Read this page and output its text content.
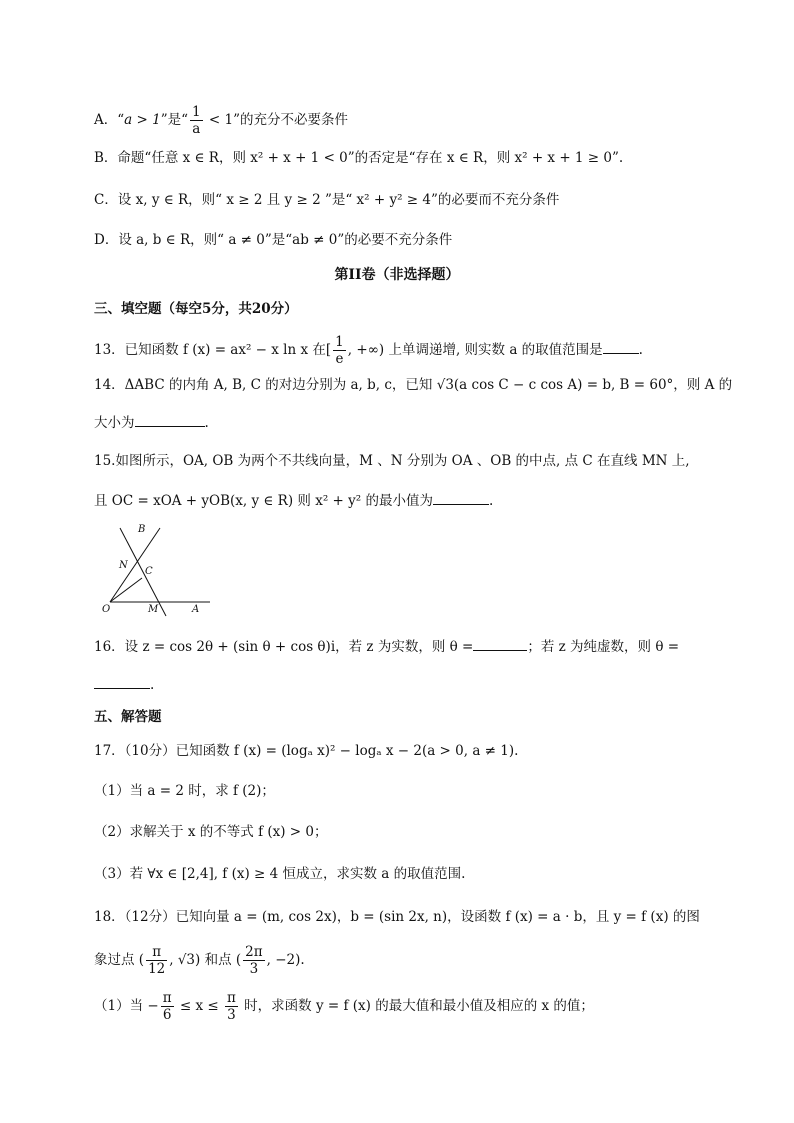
A．“a > 1”是“ $\frac{1}{a} < 1$”的充分不必要条件
B．命题“任意 x ∈ R，则 x² + x + 1 < 0”的否定是“存在 x ∈ R，则 x² + x + 1 ≥ 0”.
C．设 x, y ∈ R，则“ x ≥ 2 且 y ≥ 2 ”是“ x² + y² ≥ 4”的必要而不充分条件
D．设 a, b ∈ R，则“ a ≠ 0”是“ab ≠ 0”的必要不充分条件
第II卷（非选择题）
三、填空题（每空5分，共20分）
13．已知函数 f (x) = ax² − x ln x 在[ $\frac{1}{e}$ , +∞) 上单调递增, 则实数 a 的取值范围是	.
14．ΔABC 的内角 A, B, C 的对边分别为 a, b, c，已知 √3(a cos C − c cos A) = b, B = 60°，则 A 的
大小为	.
15.如图所示，OA, OB 为两个不共线向量，M 、N 分别为 OA 、OB 的中点, 点 C 在直线 MN 上,
且 OC = xOA + yOB(x, y ∈ R) 则 x² + y² 的最小值为	.
B
N
C
O	M	A
16．设 z = cos 2θ + (sin θ + cos θ)i，若 z 为实数，则 θ =	；若 z 为纯虚数，则 θ =
.
五、解答题
17．（10分）已知函数 f (x) = (logₐ x)² − logₐ x − 2(a > 0, a ≠ 1).
（1）当 a = 2 时，求 f (2)；
（2）求解关于 x 的不等式 f (x) > 0；
（3）若 ∀x ∈ [2,4], f (x) ≥ 4 恒成立，求实数 a 的取值范围.
18．（12分）已知向量 a = (m, cos 2x)，b = (sin 2x, n)，设函数 f (x) = a · b，且 y = f (x) 的图
象过点 ( $\frac{\pi}{12}$ , √3) 和点 ( $\frac{2\pi}{3}$ , −2).
（1）当 − $\frac{\pi}{6} \le x \le \frac{\pi}{3}$ 时，求函数 y = f (x) 的最大值和最小值及相应的 x 的值；
